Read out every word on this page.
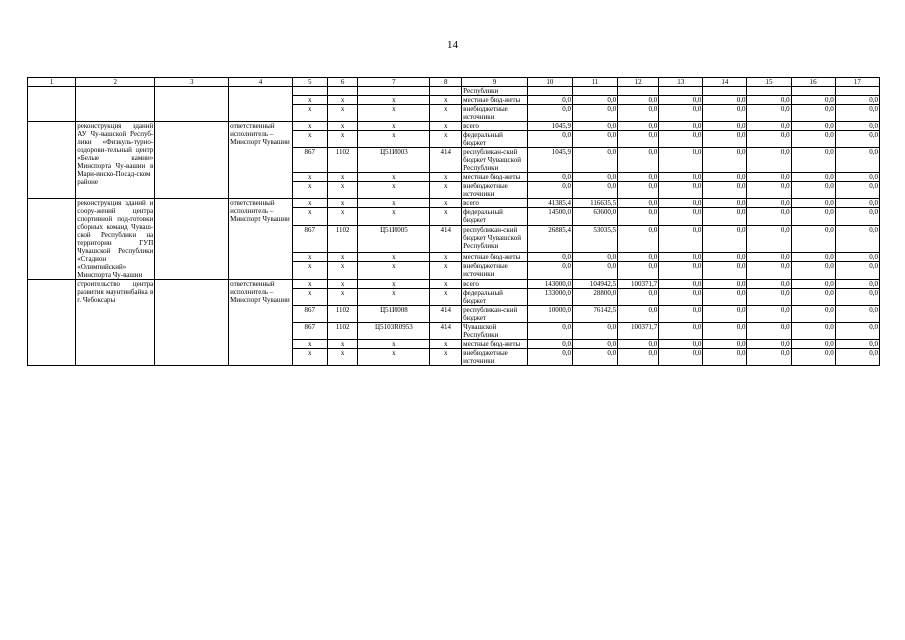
14
1	2	3	4	5	6	7	8	9	10	11	12	13	14	15	16	17
								Республики								
				х	х	х	х	местные бюд-жеты	0,0	0,0	0,0	0,0	0,0	0,0	0,0	0,0
				х	х	х	х	внебюджетные источники	0,0	0,0	0,0	0,0	0,0	0,0	0,0	0,0
	реконструкция зданий АУ Чу-вашской Респуб-лики «Физкуль-турно-оздорови-тельный центр «Белые камни» Минспорта Чу-вашии в Мари-инско-Посад-ском районе		ответственный исполнитель – Минспорт Чувашии	х	х	х	х	всего	1045,9	0,0	0,0	0,0	0,0	0,0	0,0	0,0
				х	х	х	х	федеральный бюджет	0,0	0,0	0,0	0,0	0,0	0,0	0,0	0,0
				867	1102	Ц51И003	414	республикан-ский бюджет Чувашской Республики	1045,9	0,0	0,0	0,0	0,0	0,0	0,0	0,0
				х	х	х	х	местные бюд-жеты	0,0	0,0	0,0	0,0	0,0	0,0	0,0	0,0
				х	х	х	х	внебюджетные источники	0,0	0,0	0,0	0,0	0,0	0,0	0,0	0,0
	реконструкция зданий и соору-жений центра спортивной под-готовки сборных команд Чуваш-ской Республики на территории ГУП Чувашской Республики «Стадион «Олимпийский» Минспорта Чу-вашии		ответственный исполнитель – Минспорт Чувашии	х	х	х	х	всего	41385,4	116635,5	0,0	0,0	0,0	0,0	0,0	0,0
				х	х	х	х	федеральный бюджет	14500,0	63600,0	0,0	0,0	0,0	0,0	0,0	0,0
				867	1102	Ц51И005	414	республикан-ский бюджет Чувашской Республики	26885,4	53035,5	0,0	0,0	0,0	0,0	0,0	0,0
				х	х	х	х	местные бюд-жеты	0,0	0,0	0,0	0,0	0,0	0,0	0,0	0,0
				х	х	х	х	внебюджетные источники	0,0	0,0	0,0	0,0	0,0	0,0	0,0	0,0
	строительство центра развития маунтинбайка в г. Чебоксары		ответственный исполнитель – Минспорт Чувашии	х	х	х	х	всего	143000,0	104942,5	100371,7	0,0	0,0	0,0	0,0	0,0
				х	х	х	х	федеральный бюджет	133000,0	28800,0	0,0	0,0	0,0	0,0	0,0	0,0
				867	1102	Ц51И008	414	республикан-ский бюджет	10000,0	76142,5	0,0	0,0	0,0	0,0	0,0	0,0
				867	1102	Ц5103R0953	414	Чувашской Республики	0,0	0,0	100371,7	0,0	0,0	0,0	0,0	0,0
				х	х	х	х	местные бюд-жеты	0,0	0,0	0,0	0,0	0,0	0,0	0,0	0,0
				х	х	х	х	внебюджетные источники	0,0	0,0	0,0	0,0	0,0	0,0	0,0	0,0
